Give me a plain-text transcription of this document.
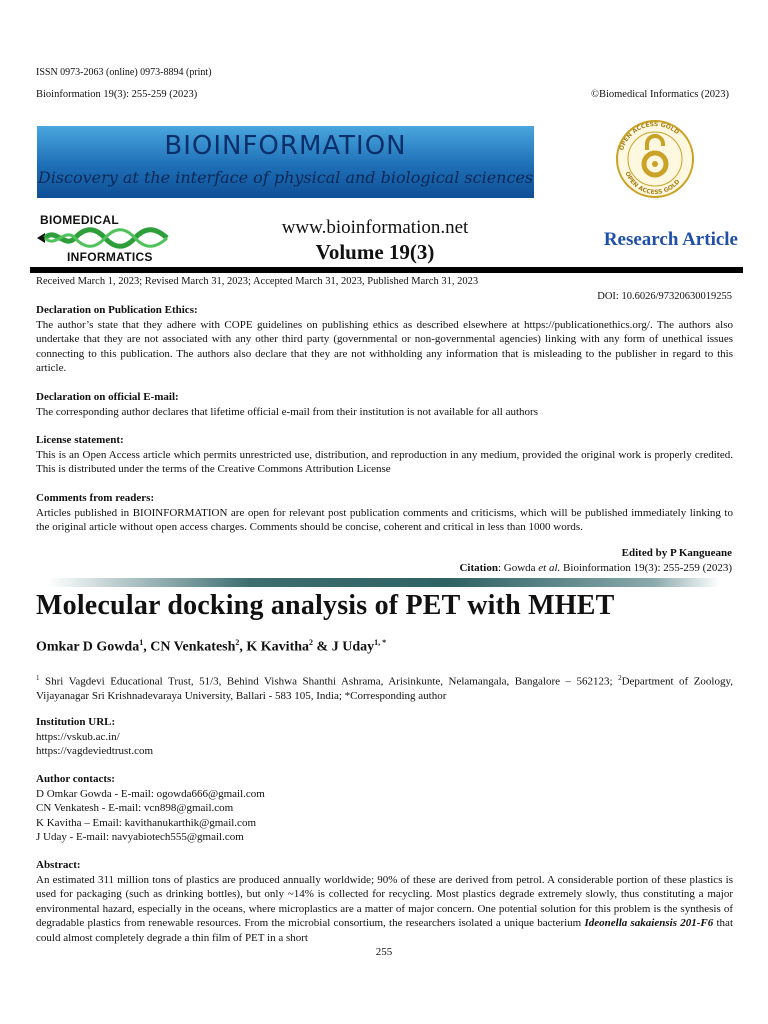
ISSN 0973-2063 (online) 0973-8894 (print)
Bioinformation 19(3): 255-259 (2023)	©Biomedical Informatics (2023)
BIOINFORMATION
Discovery at the interface of physical and biological sciences
OPEN ACCESS GOLD
OPEN ACCESS GOLD
BIOMEDICAL
INFORMATICS
www.bioinformation.net
Volume 19(3)
Research Article
Received March 1, 2023; Revised March 31, 2023; Accepted March 31, 2023, Published March 31, 2023
DOI: 10.6026/97320630019255
Declaration on Publication Ethics:
The author’s state that they adhere with COPE guidelines on publishing ethics as described elsewhere at https://publicationethics.org/. The authors also undertake that they are not associated with any other third party (governmental or non-governmental agencies) linking with any form of unethical issues connecting to this publication. The authors also declare that they are not withholding any information that is misleading to the publisher in regard to this article.
Declaration on official E-mail:
The corresponding author declares that lifetime official e-mail from their institution is not available for all authors
License statement:
This is an Open Access article which permits unrestricted use, distribution, and reproduction in any medium, provided the original work is properly credited. This is distributed under the terms of the Creative Commons Attribution License
Comments from readers:
Articles published in BIOINFORMATION are open for relevant post publication comments and criticisms, which will be published immediately linking to the original article without open access charges. Comments should be concise, coherent and critical in less than 1000 words.
Edited by P Kangueane
Citation: Gowda et al. Bioinformation 19(3): 255-259 (2023)
Molecular docking analysis of PET with MHET
Omkar D Gowda$^1$, CN Venkatesh$^2$, K Kavitha$^2$ & J Uday$^{1, *}$
$^1$ Shri Vagdevi Educational Trust, 51/3, Behind Vishwa Shanthi Ashrama, Arisinkunte, Nelamangala, Bangalore – 562123; $^2$Department of Zoology, Vijayanagar Sri Krishnadevaraya University, Ballari - 583 105, India; *Corresponding author
Institution URL:
https://vskub.ac.in/
https://vagdeviedtrust.com
Author contacts:
D Omkar Gowda - E-mail: ogowda666@gmail.com
CN Venkatesh - E-mail: vcn898@gmail.com
K Kavitha – Email: kavithanukarthik@gmail.com
J Uday - E-mail: navyabiotech555@gmail.com
Abstract:
An estimated 311 million tons of plastics are produced annually worldwide; 90% of these are derived from petrol. A considerable portion of these plastics is used for packaging (such as drinking bottles), but only ~14% is collected for recycling. Most plastics degrade extremely slowly, thus constituting a major environmental hazard, especially in the oceans, where microplastics are a matter of major concern. One potential solution for this problem is the synthesis of degradable plastics from renewable resources. From the microbial consortium, the researchers isolated a unique bacterium Ideonella sakaiensis 201-F6 that could almost completely degrade a thin film of PET in a short
255
